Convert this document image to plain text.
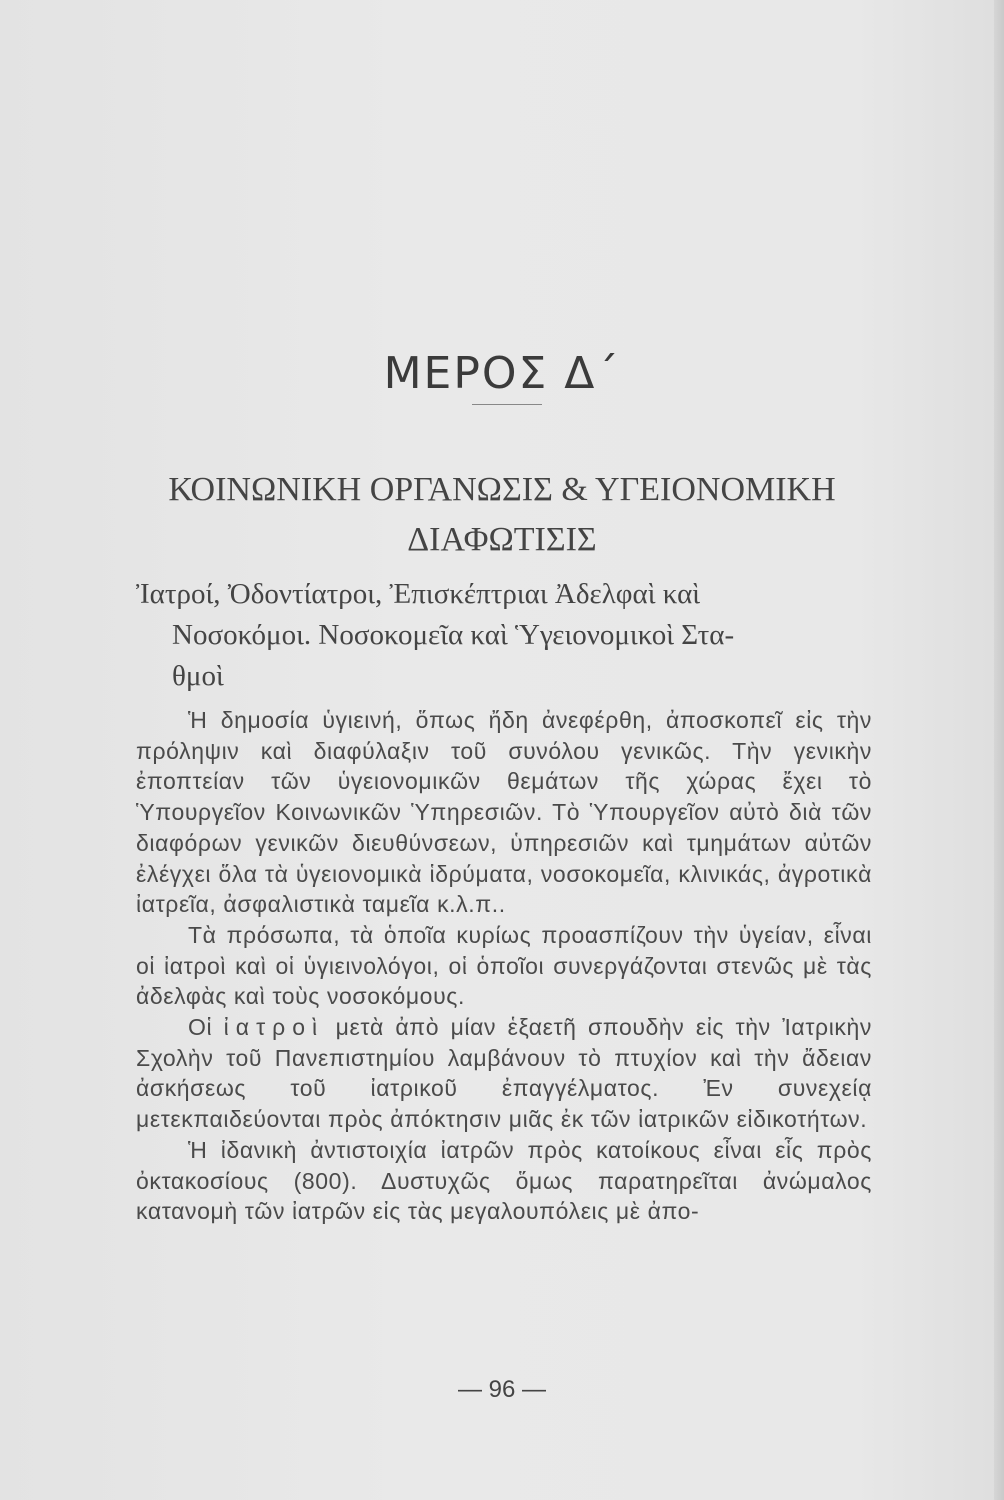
ΜΕΡΟΣ Δ΄
ΚΟΙΝΩΝΙΚΗ ΟΡΓΑΝΩΣΙΣ & ΥΓΕΙΟΝΟΜΙΚΗ
ΔΙΑΦΩΤΙΣΙΣ
Ἰατροί, Ὀδοντίατροι, Ἐπισκέπτριαι Ἀδελφαὶ καὶ
Νοσοκόμοι. Νοσοκομεῖα καὶ Ὑγειονομικοὶ Στα-
θμοὶ

Ἡ δημοσία ὑγιεινή, ὅπως ἤδη ἀνεφέρθη, ἀποσκοπεῖ εἰς τὴν πρόληψιν καὶ διαφύλαξιν τοῦ συνόλου γενικῶς. Τὴν γενικὴν ἐποπτείαν τῶν ὑγειονομικῶν θεμάτων τῆς χώρας ἔχει τὸ Ὑπουργεῖον Κοινωνικῶν Ὑπηρεσιῶν. Τὸ Ὑπουργεῖον αὐτὸ διὰ τῶν διαφόρων γενικῶν διευθύνσεων, ὑπηρεσιῶν καὶ τμημάτων αὐτῶν ἐλέγχει ὅλα τὰ ὑγειονομικὰ ἱδρύματα, νοσοκομεῖα, κλινικάς, ἀγροτικὰ ἰατρεῖα, ἀσφαλιστικὰ ταμεῖα κ.λ.π..

Τὰ πρόσωπα, τὰ ὁποῖα κυρίως προασπίζουν τὴν ὑγείαν, εἶναι οἱ ἰατροὶ καὶ οἱ ὑγιεινολόγοι, οἱ ὁποῖοι συνεργάζονται στενῶς μὲ τὰς ἀδελφὰς καὶ τοὺς νοσοκόμους.

Οἱ ἰατροὶ μετὰ ἀπὸ μίαν ἑξαετῆ σπουδὴν εἰς τὴν Ἰατρικὴν Σχολὴν τοῦ Πανεπιστημίου λαμβάνουν τὸ πτυχίον καὶ τὴν ἄδειαν ἀσκήσεως τοῦ ἰατρικοῦ ἐπαγγέλματος. Ἐν συνεχείᾳ μετεκπαιδεύονται πρὸς ἀπόκτησιν μιᾶς ἐκ τῶν ἰατρικῶν εἰδικοτήτων.

Ἡ ἰδανικὴ ἀντιστοιχία ἰατρῶν πρὸς κατοίκους εἶναι εἷς πρὸς ὀκτακοσίους (800). Δυστυχῶς ὅμως παρατηρεῖται ἀνώμαλος κατανομὴ τῶν ἰατρῶν εἰς τὰς μεγαλουπόλεις μὲ ἀπο-

— 96 —
